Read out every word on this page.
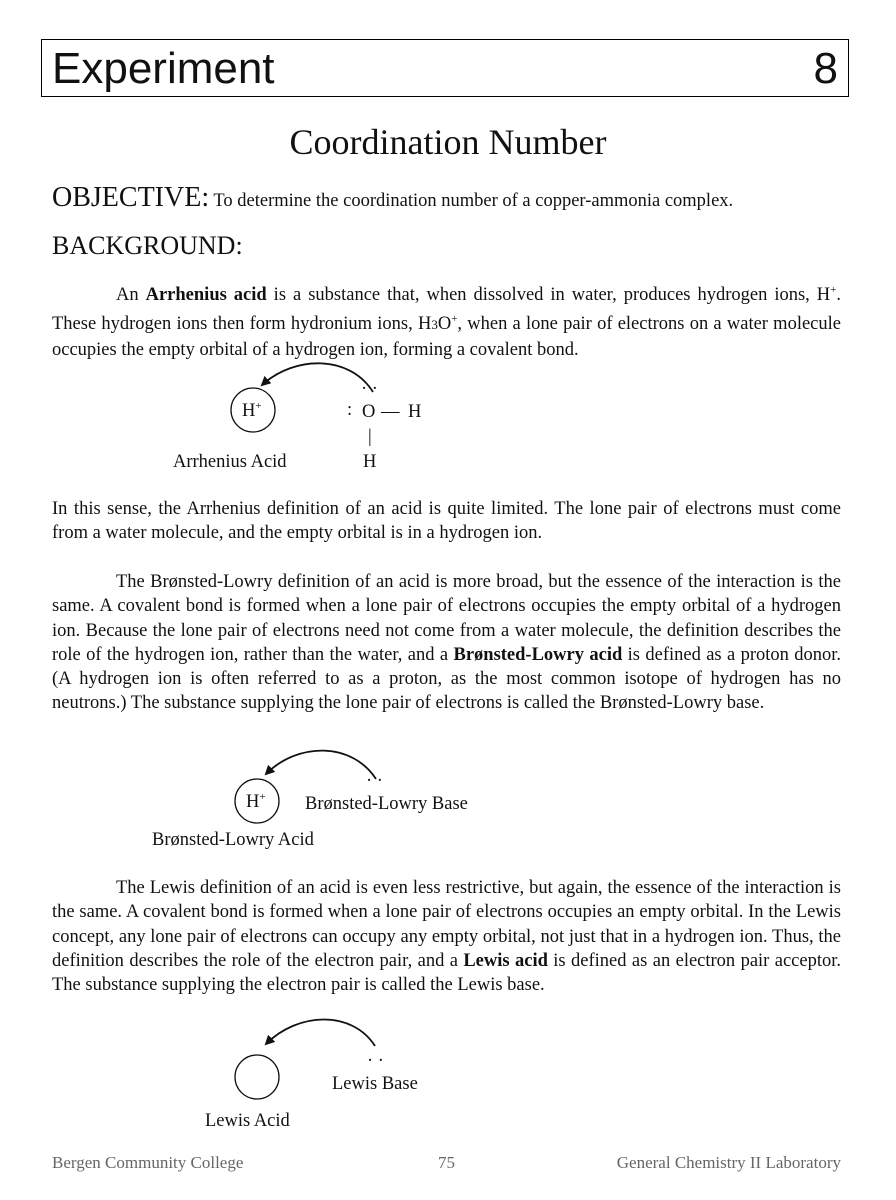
Experiment	8
Coordination Number
OBJECTIVE: To determine the coordination number of a copper-ammonia complex.
BACKGROUND:

An Arrhenius acid is a substance that, when dissolved in water, produces hydrogen ions, H+. These hydrogen ions then form hydronium ions, H3O+, when a lone pair of electrons on a water molecule occupies the empty orbital of a hydrogen ion, forming a covalent bond.

In this sense, the Arrhenius definition of an acid is quite limited. The lone pair of electrons must come from a water molecule, and the empty orbital is in a hydrogen ion.

The Brønsted-Lowry definition of an acid is more broad, but the essence of the interaction is the same. A covalent bond is formed when a lone pair of electrons occupies the empty orbital of a hydrogen ion. Because the lone pair of electrons need not come from a water molecule, the definition describes the role of the hydrogen ion, rather than the water, and a Brønsted-Lowry acid is defined as a proton donor. (A hydrogen ion is often referred to as a proton, as the most common isotope of hydrogen has no neutrons.) The substance supplying the lone pair of electrons is called the Brønsted-Lowry base.

The Lewis definition of an acid is even less restrictive, but again, the essence of the interaction is the same. A covalent bond is formed when a lone pair of electrons occupies an empty orbital. In the Lewis concept, any lone pair of electrons can occupy any empty orbital, not just that in a hydrogen ion. Thus, the definition describes the role of the electron pair, and a Lewis acid is defined as an electron pair acceptor. The substance supplying the electron pair is called the Lewis base.

H+
· ·
: O — H
|
H
Arrhenius Acid
H+
· ·
Brønsted-Lowry Base
Brønsted-Lowry Acid
· ·
Lewis Base
Lewis Acid
Bergen Community College	75	General Chemistry II Laboratory
